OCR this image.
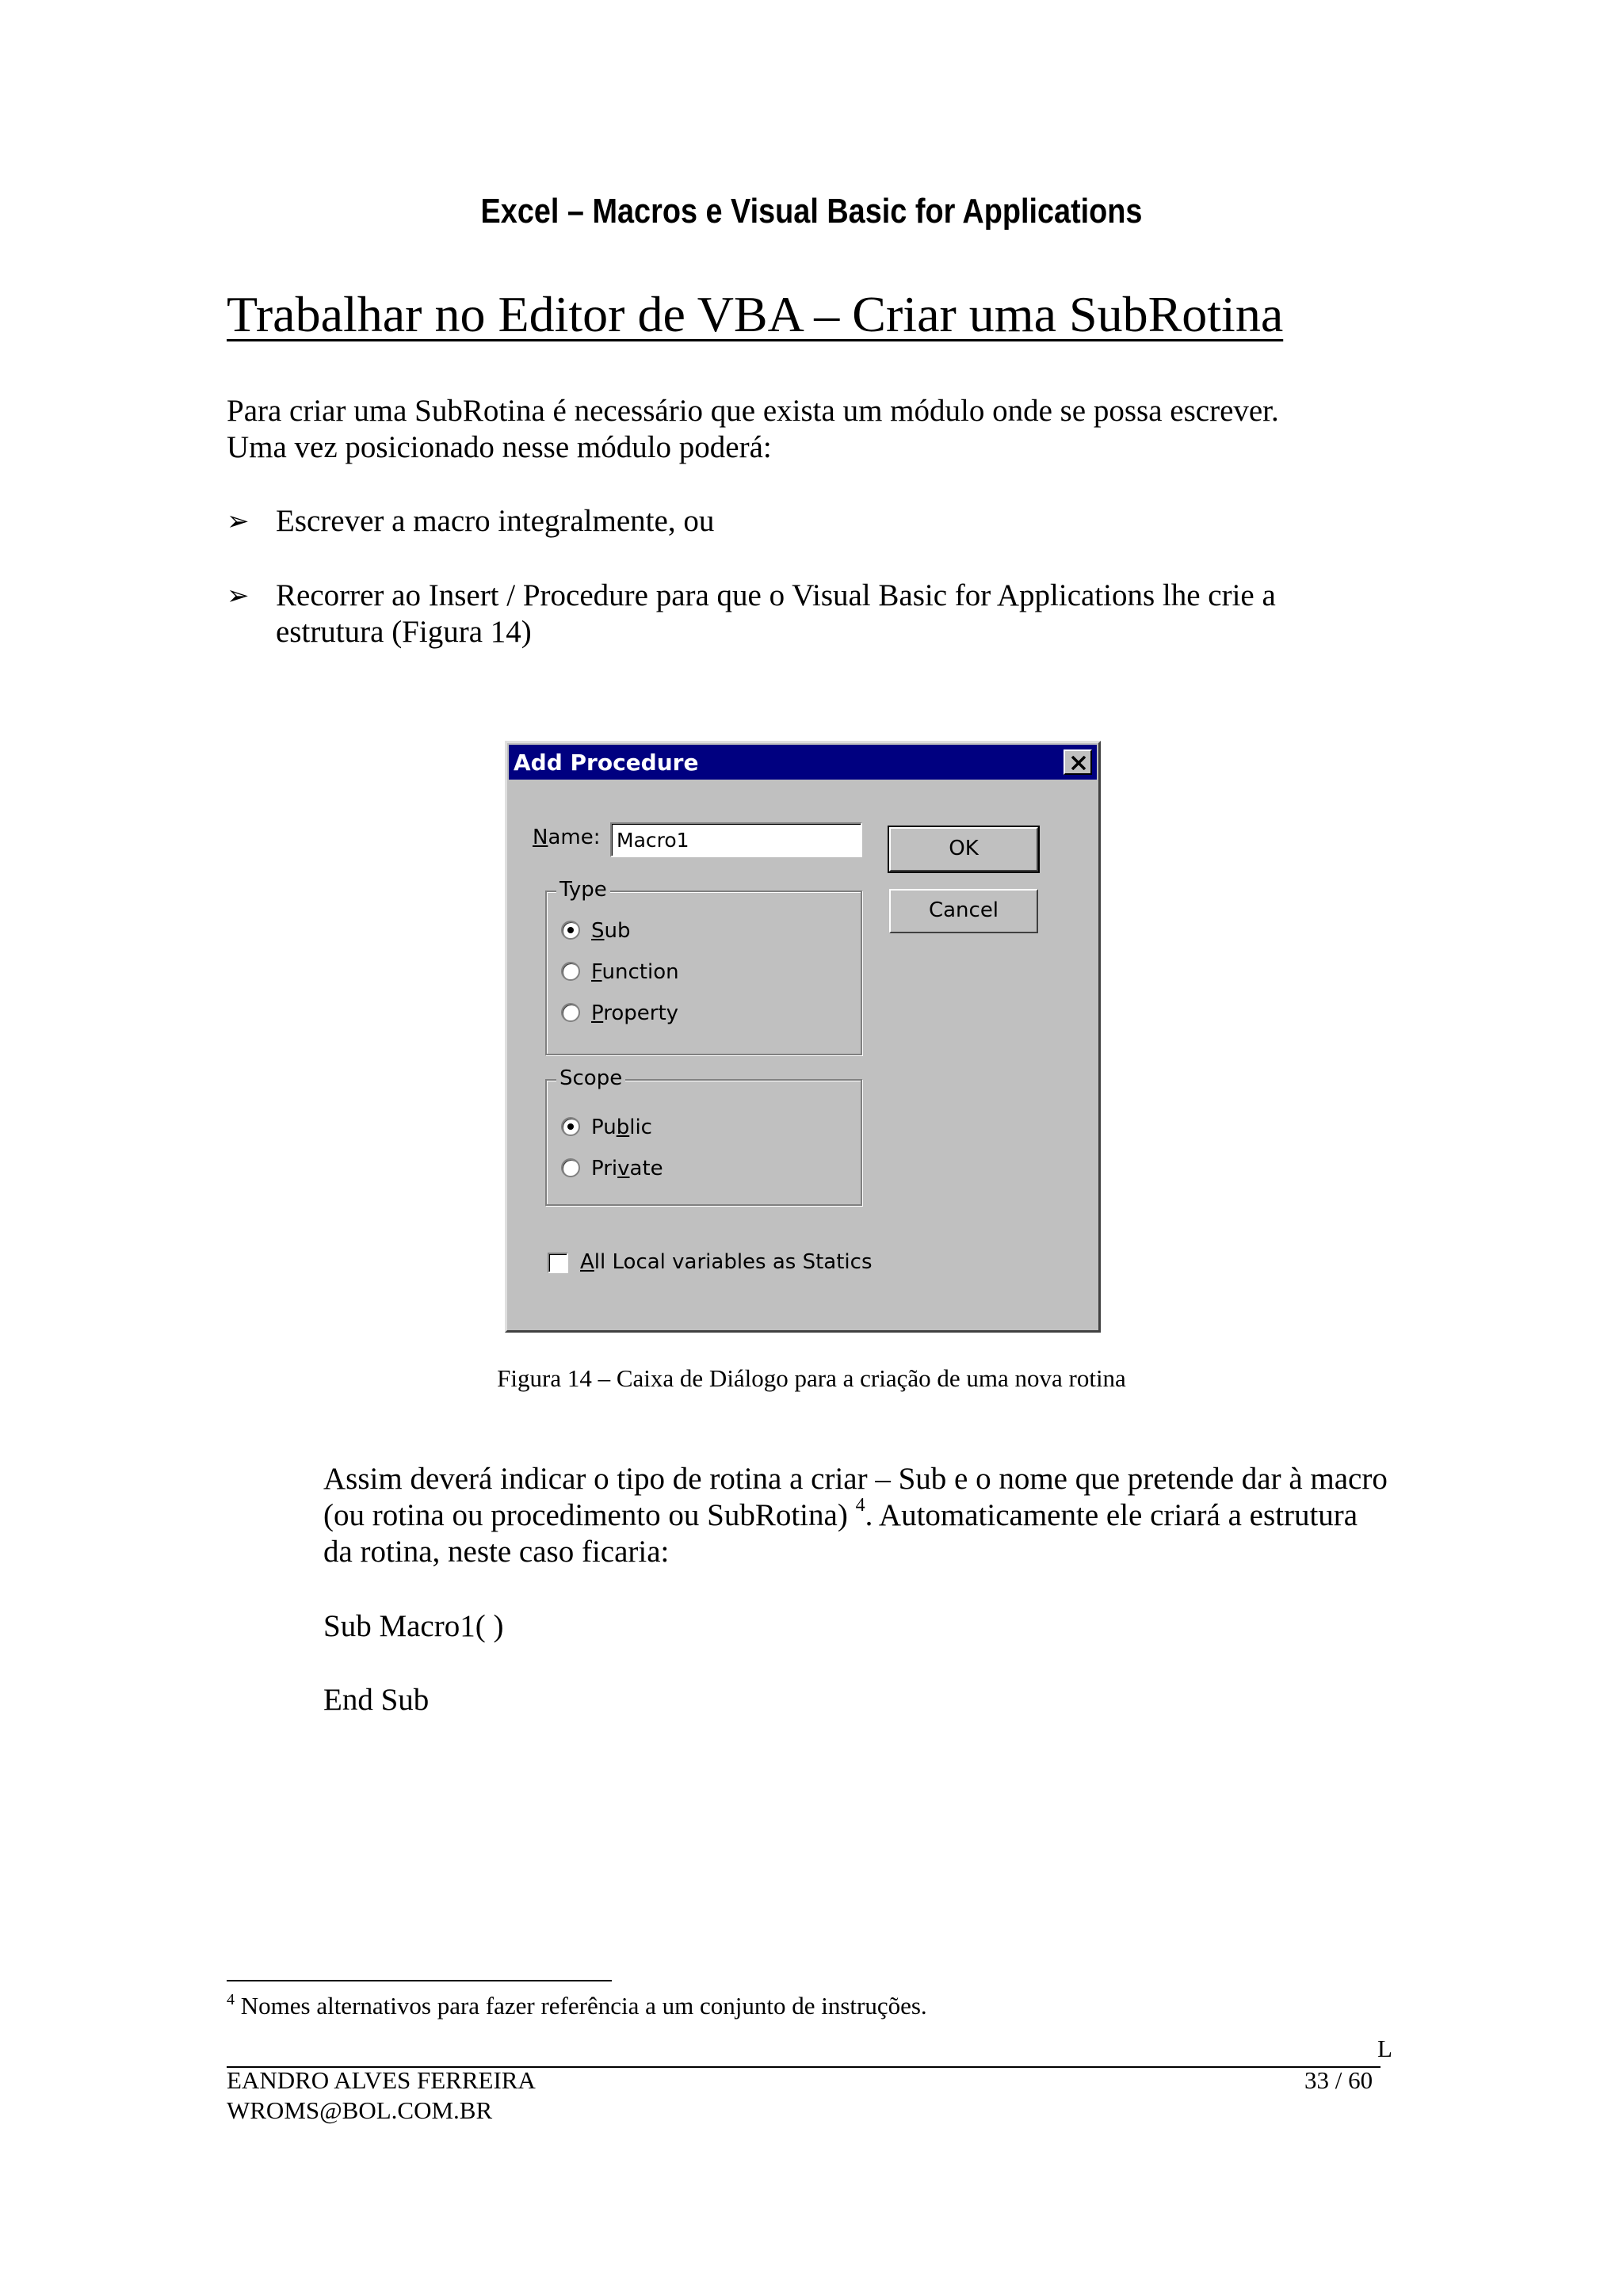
Excel – Macros e Visual Basic for Applications
Trabalhar no Editor de VBA – Criar uma SubRotina
Para criar uma SubRotina é necessário que exista um módulo onde se possa escrever.
Uma vez posicionado nesse módulo poderá:
➢ Escrever a macro integralmente, ou
➢ Recorrer ao Insert / Procedure para que o Visual Basic for Applications lhe crie a
estrutura (Figura 14)
Add Procedure
Name: Macro1	OK
Cancel
Type
Sub
Function
Property
Scope
Public
Private
All Local variables as Statics
Figura 14 – Caixa de Diálogo para a criação de uma nova rotina
Assim deverá indicar o tipo de rotina a criar – Sub e o nome que pretende dar à macro
(ou rotina ou procedimento ou SubRotina) $^4$. Automaticamente ele criará a estrutura
da rotina, neste caso ficaria:
Sub Macro1( )
End Sub
$^4$ Nomes alternativos para fazer referência a um conjunto de instruções.
L
EANDRO ALVES FERREIRA	33 / 60
WROMS@BOL.COM.BR
